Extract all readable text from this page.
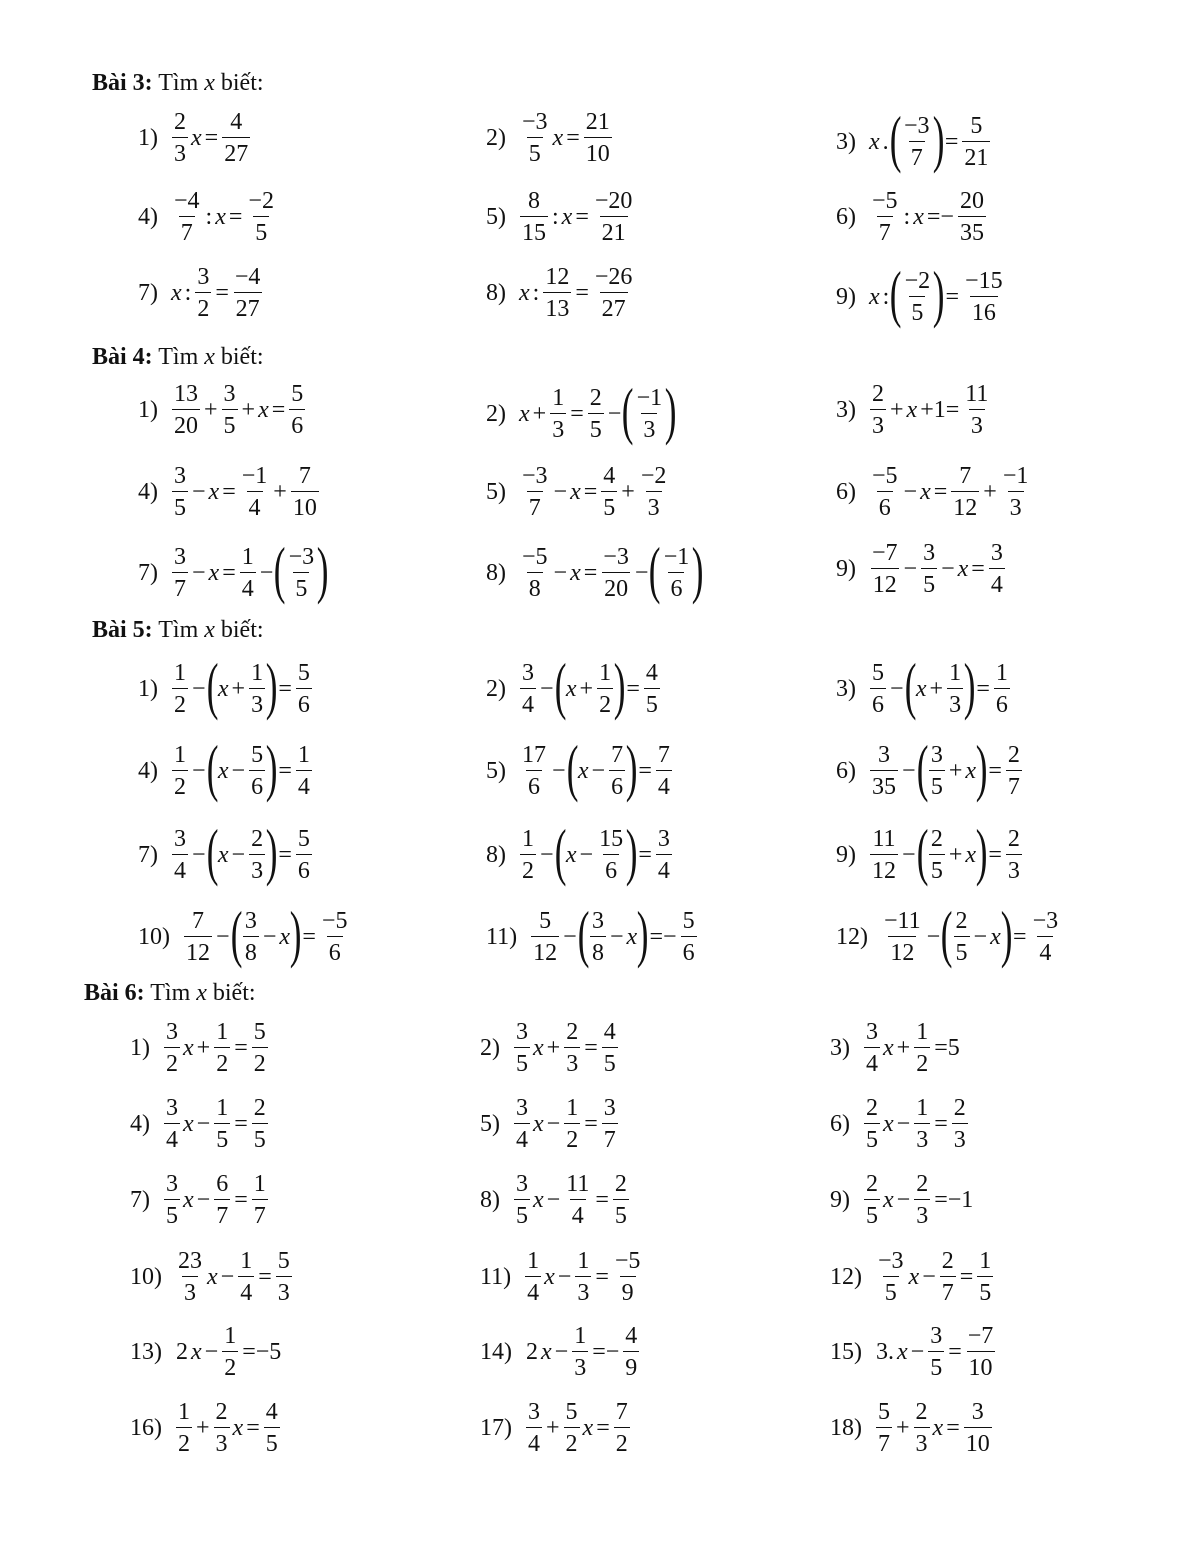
Bài 3: Tìm x biết:
$1) \frac{2}{3}$ $x = \frac{4}{27}$	$2) \frac{-3}{5}$ $x = \frac{21}{10}$	3) x . ( $\frac{-3}{7}$ ) = $\frac{5}{21}$
$4) \frac{-4}{7}$ : $x = \frac{-2}{5}$	$5) \frac{8}{15}$ : $x = \frac{-20}{21}$	$6) \frac{-5}{7}$ : $x =- \frac{20}{35}$
7) x : $\frac{3}{2} = \frac{-4}{27}$	8) x : $\frac{12}{13} = \frac{-26}{27}$	9) x : ( $\frac{-2}{5}$ ) = $\frac{-15}{16}$
Bài 4: Tìm x biết:
$1) \frac{13}{20} + \frac{3}{5} + x = \frac{5}{6}$	2) $x + \frac{1}{3} = \frac{2}{5}$ − ( $\frac{-1}{3}$ )	$3) \frac{2}{3} + x +1= \frac{11}{3}$
$4) \frac{3}{5} - x = \frac{-1}{4} + \frac{7}{10}$	$5) \frac{-3}{7} - x = \frac{4}{5} + \frac{-2}{3}$	$6) \frac{-5}{6} - x = \frac{7}{12} + \frac{-1}{3}$
$7) \frac{3}{7} - x = \frac{1}{4}$ − ( $\frac{-3}{5}$ )	$8) \frac{-5}{8} - x = \frac{-3}{20}$ − ( $\frac{-1}{6}$ )	$9) \frac{-7}{12} - \frac{3}{5} - x = \frac{3}{4}$
Bài 5: Tìm x biết:
$1) \frac{1}{2}$ − ( $x + \frac{1}{3}$ ) = $\frac{5}{6}$	$2) \frac{3}{4}$ − ( $x + \frac{1}{2}$ ) = $\frac{4}{5}$	$3) \frac{5}{6}$ − ( $x + \frac{1}{3}$ ) = $\frac{1}{6}$
$4) \frac{1}{2}$ − ( $x - \frac{5}{6}$ ) = $\frac{1}{4}$	$5) \frac{17}{6}$ − ( $x - \frac{7}{6}$ ) = $\frac{7}{4}$	$6) \frac{3}{35}$ − ( $\frac{3}{5} + x$ ) = $\frac{2}{7}$
$7) \frac{3}{4}$ − ( $x - \frac{2}{3}$ ) = $\frac{5}{6}$	$8) \frac{1}{2}$ − ( $x - \frac{15}{6}$ ) = $\frac{3}{4}$	$9) \frac{11}{12}$ − ( $\frac{2}{5} + x$ ) = $\frac{2}{3}$
$10) \frac{7}{12}$ − ( $\frac{3}{8} - x$ ) = $\frac{-5}{6}$	$11) \frac{5}{12}$ − ( $\frac{3}{8} - x$ ) =− $\frac{5}{6}$	$12) \frac{-11}{12}$ − ( $\frac{2}{5} - x$ ) = $\frac{-3}{4}$
Bài 6: Tìm x biết:
$1) \frac{3}{2}$ $x + \frac{1}{2} = \frac{5}{2}$	$2) \frac{3}{5}$ $x + \frac{2}{3} = \frac{4}{5}$	$3) \frac{3}{4}$ $x + \frac{1}{2} =5$
$4) \frac{3}{4}$ $x - \frac{1}{5} = \frac{2}{5}$	$5) \frac{3}{4}$ $x - \frac{1}{2} = \frac{3}{7}$	$6) \frac{2}{5}$ $x - \frac{1}{3} = \frac{2}{3}$
$7) \frac{3}{5}$ $x - \frac{6}{7} = \frac{1}{7}$	$8) \frac{3}{5}$ $x - \frac{11}{4} = \frac{2}{5}$	$9) \frac{2}{5}$ $x - \frac{2}{3} =-1$
$10) \frac{23}{3}$ $x - \frac{1}{4} = \frac{5}{3}$	$11) \frac{1}{4}$ $x - \frac{1}{3} = \frac{-5}{9}$	$12) \frac{-3}{5}$ $x - \frac{2}{7} = \frac{1}{5}$
13) 2 $x - \frac{1}{2} =-5$	14) 2 $x - \frac{1}{3} =- \frac{4}{9}$	15) 3. $x - \frac{3}{5} = \frac{-7}{10}$
$16) \frac{1}{2} + \frac{2}{3}$ $x = \frac{4}{5}$	$17) \frac{3}{4} + \frac{5}{2}$ $x = \frac{7}{2}$	$18) \frac{5}{7} + \frac{2}{3}$ $x = \frac{3}{10}$
